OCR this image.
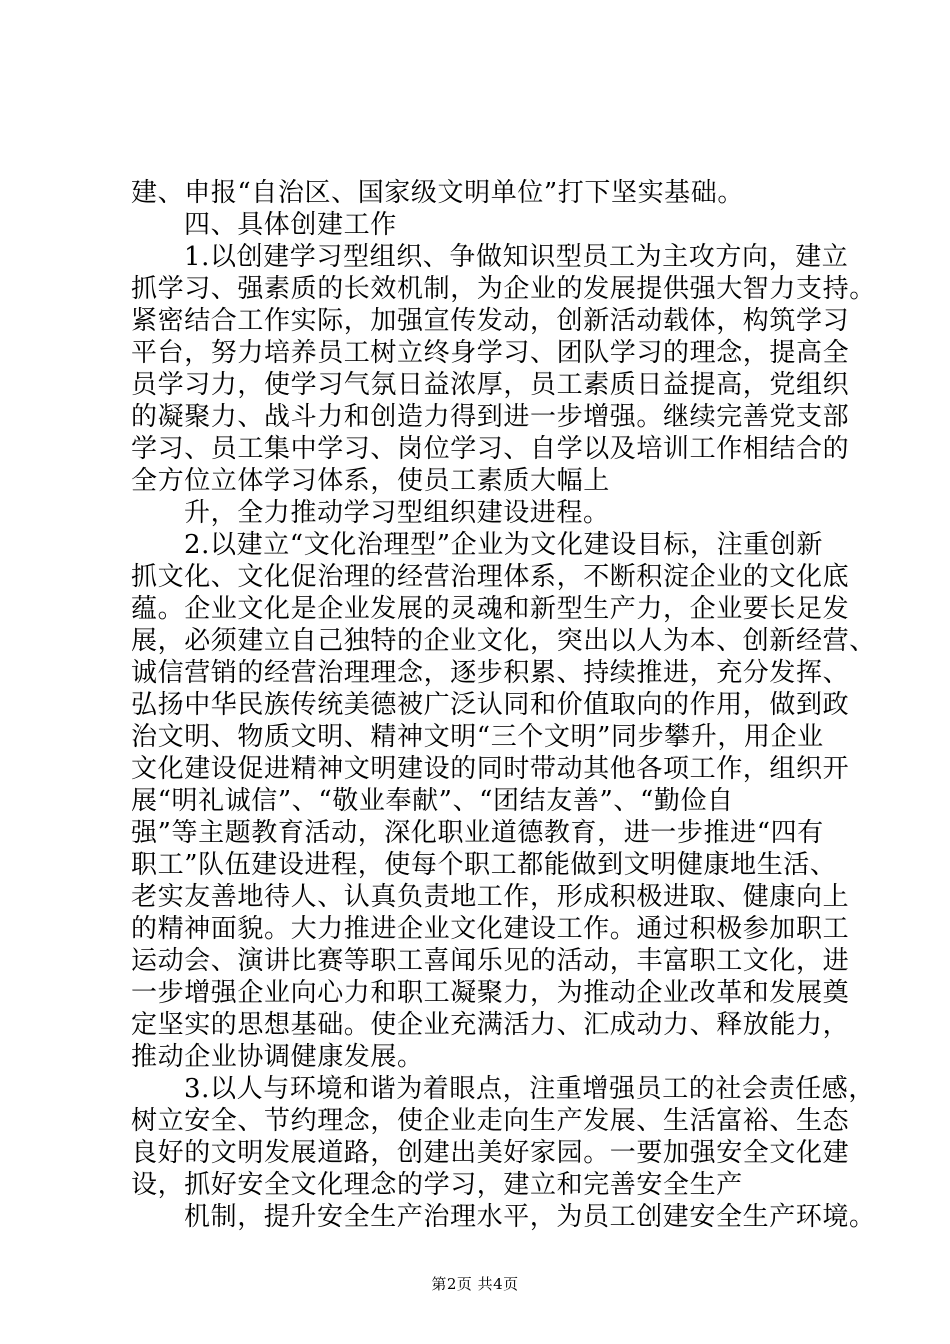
建、申报“自治区、国家级文明单位”打下坚实基础。
四、具体创建工作
1.以创建学习型组织、争做知识型员工为主攻方向，建立
抓学习、强素质的长效机制，为企业的发展提供强大智力支持。
紧密结合工作实际，加强宣传发动，创新活动载体，构筑学习
平台，努力培养员工树立终身学习、团队学习的理念，提高全
员学习力，使学习气氛日益浓厚，员工素质日益提高，党组织
的凝聚力、战斗力和创造力得到进一步增强。继续完善党支部
学习、员工集中学习、岗位学习、自学以及培训工作相结合的
全方位立体学习体系，使员工素质大幅上
升，全力推动学习型组织建设进程。
2.以建立“文化治理型”企业为文化建设目标，注重创新
抓文化、文化促治理的经营治理体系，不断积淀企业的文化底
蕴。企业文化是企业发展的灵魂和新型生产力，企业要长足发
展，必须建立自己独特的企业文化，突出以人为本、创新经营、
诚信营销的经营治理理念，逐步积累、持续推进，充分发挥、
弘扬中华民族传统美德被广泛认同和价值取向的作用，做到政
治文明、物质文明、精神文明“三个文明”同步攀升，用企业
文化建设促进精神文明建设的同时带动其他各项工作，组织开
展“明礼诚信”、“敬业奉献”、“团结友善”、“勤俭自
强”等主题教育活动，深化职业道德教育，进一步推进“四有
职工”队伍建设进程，使每个职工都能做到文明健康地生活、
老实友善地待人、认真负责地工作，形成积极进取、健康向上
的精神面貌。大力推进企业文化建设工作。通过积极参加职工
运动会、演讲比赛等职工喜闻乐见的活动，丰富职工文化，进
一步增强企业向心力和职工凝聚力，为推动企业改革和发展奠
定坚实的思想基础。使企业充满活力、汇成动力、释放能力，
推动企业协调健康发展。
3.以人与环境和谐为着眼点，注重增强员工的社会责任感，
树立安全、节约理念，使企业走向生产发展、生活富裕、生态
良好的文明发展道路，创建出美好家园。一要加强安全文化建
设，抓好安全文化理念的学习，建立和完善安全生产
机制，提升安全生产治理水平，为员工创建安全生产环境。
第2页 共4页
